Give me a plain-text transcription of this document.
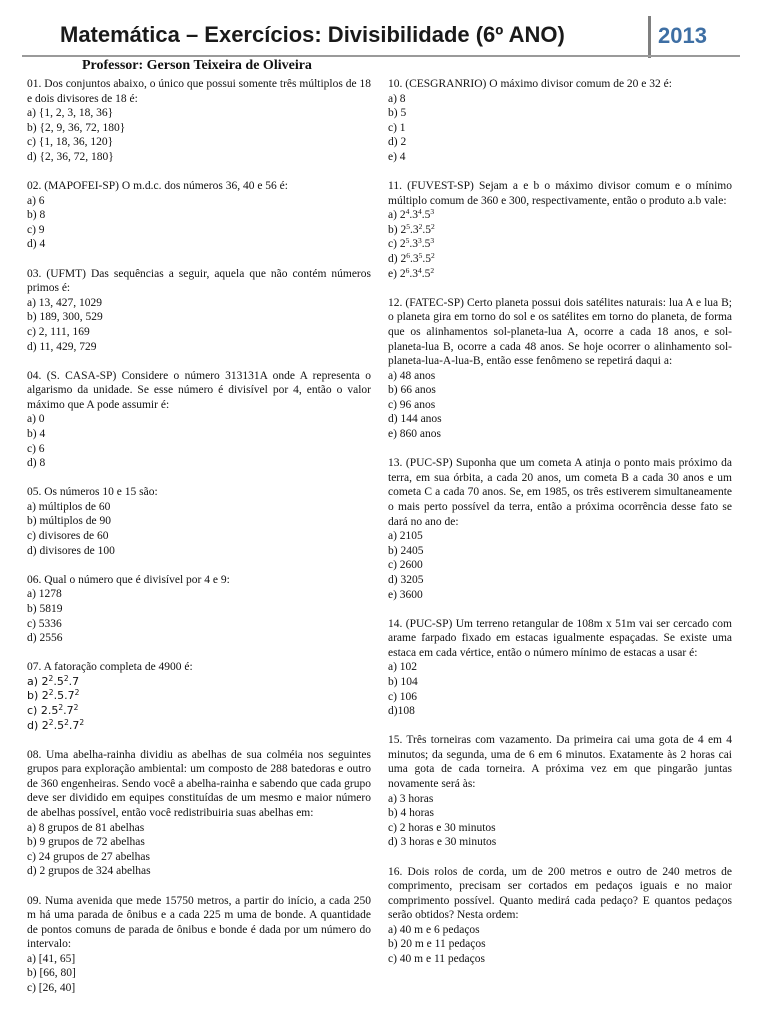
Matemática – Exercícios: Divisibilidade (6º ANO)	2013
Professor: Gerson Teixeira de Oliveira
01. Dos conjuntos abaixo, o único que possui somente três múltiplos de 18 e dois divisores de 18 é:
a) {1, 2, 3, 18, 36}
b) {2, 9, 36, 72, 180}
c) {1, 18, 36, 120}
d) {2, 36, 72, 180}
02. (MAPOFEI-SP) O m.d.c. dos números 36, 40 e 56 é:
a) 6
b) 8
c) 9
d) 4
03. (UFMT) Das sequências a seguir, aquela que não contém números primos é:
a) 13, 427, 1029
b) 189, 300, 529
c) 2, 111, 169
d) 11, 429, 729
04. (S. CASA-SP) Considere o número 313131A onde A representa o algarismo da unidade. Se esse número é divisível por 4, então o valor máximo que A pode assumir é:
a) 0
b) 4
c) 6
d) 8
05. Os números 10 e 15 são:
a) múltiplos de 60
b) múltiplos de 90
c) divisores de 60
d) divisores de 100
06. Qual o número que é divisível por 4 e 9:
a) 1278
b) 5819
c) 5336
d) 2556
07. A fatoração completa de 4900 é:
a) $2^2.5^2.7$
b) $2^2.5.7^2$
c) $2.5^2.7^2$
d) $2^2.5^2.7^2$
08. Uma abelha-rainha dividiu as abelhas de sua colméia nos seguintes grupos para exploração ambiental: um composto de 288 batedoras e outro de 360 engenheiras. Sendo você a abelha-rainha e sabendo que cada grupo deve ser dividido em equipes constituídas de um mesmo e maior número de abelhas possível, então você redistribuiria suas abelhas em:
a) 8 grupos de 81 abelhas
b) 9 grupos de 72 abelhas
c) 24 grupos de 27 abelhas
d) 2 grupos de 324 abelhas
09. Numa avenida que mede 15750 metros, a partir do início, a cada 250 m há uma parada de ônibus e a cada 225 m uma de bonde. A quantidade de pontos comuns de parada de ônibus e bonde é dada por um número do intervalo:
a) [41, 65]
b) [66, 80]
c) [26, 40]
10. (CESGRANRIO) O máximo divisor comum de 20 e 32 é:
a) 8
b) 5
c) 1
d) 2
e) 4
11. (FUVEST-SP) Sejam a e b o máximo divisor comum e o mínimo múltiplo comum de 360 e 300, respectivamente, então o produto a.b vale:
a) $2^4.3^4.5^3$
b) $2^5.3^2.5^2$
c) $2^5.3^3.5^3$
d) $2^6.3^5.5^2$
e) $2^6.3^4.5^2$
12. (FATEC-SP) Certo planeta possui dois satélites naturais: lua A e lua B; o planeta gira em torno do sol e os satélites em torno do planeta, de forma que os alinhamentos sol-planeta-lua A, ocorre a cada 18 anos, e sol-planeta-lua B, ocorre a cada 48 anos. Se hoje ocorrer o alinhamento sol-planeta-lua-A-lua-B, então esse fenômeno se repetirá daqui a:
a) 48 anos
b) 66 anos
c) 96 anos
d) 144 anos
e) 860 anos
13. (PUC-SP) Suponha que um cometa A atinja o ponto mais próximo da terra, em sua órbita, a cada 20 anos, um cometa B a cada 30 anos e um cometa C a cada 70 anos. Se, em 1985, os três estiverem simultaneamente o mais perto possível da terra, então a próxima ocorrência desse fato se dará no ano de:
a) 2105
b) 2405
c) 2600
d) 3205
e) 3600
14. (PUC-SP) Um terreno retangular de 108m x 51m vai ser cercado com arame farpado fixado em estacas igualmente espaçadas. Se existe uma estaca em cada vértice, então o número mínimo de estacas a usar é:
a) 102
b) 104
c) 106
d)108
15. Três torneiras com vazamento. Da primeira cai uma gota de 4 em 4 minutos; da segunda, uma de 6 em 6 minutos. Exatamente às 2 horas cai uma gota de cada torneira. A próxima vez em que pingarão juntas novamente será às:
a) 3 horas
b) 4 horas
c) 2 horas e 30 minutos
d) 3 horas e 30 minutos
16. Dois rolos de corda, um de 200 metros e outro de 240 metros de comprimento, precisam ser cortados em pedaços iguais e no maior comprimento possível. Quanto medirá cada pedaço? E quantos pedaços serão obtidos? Nesta ordem:
a) 40 m e 6 pedaços
b) 20 m e 11 pedaços
c) 40 m e 11 pedaços
